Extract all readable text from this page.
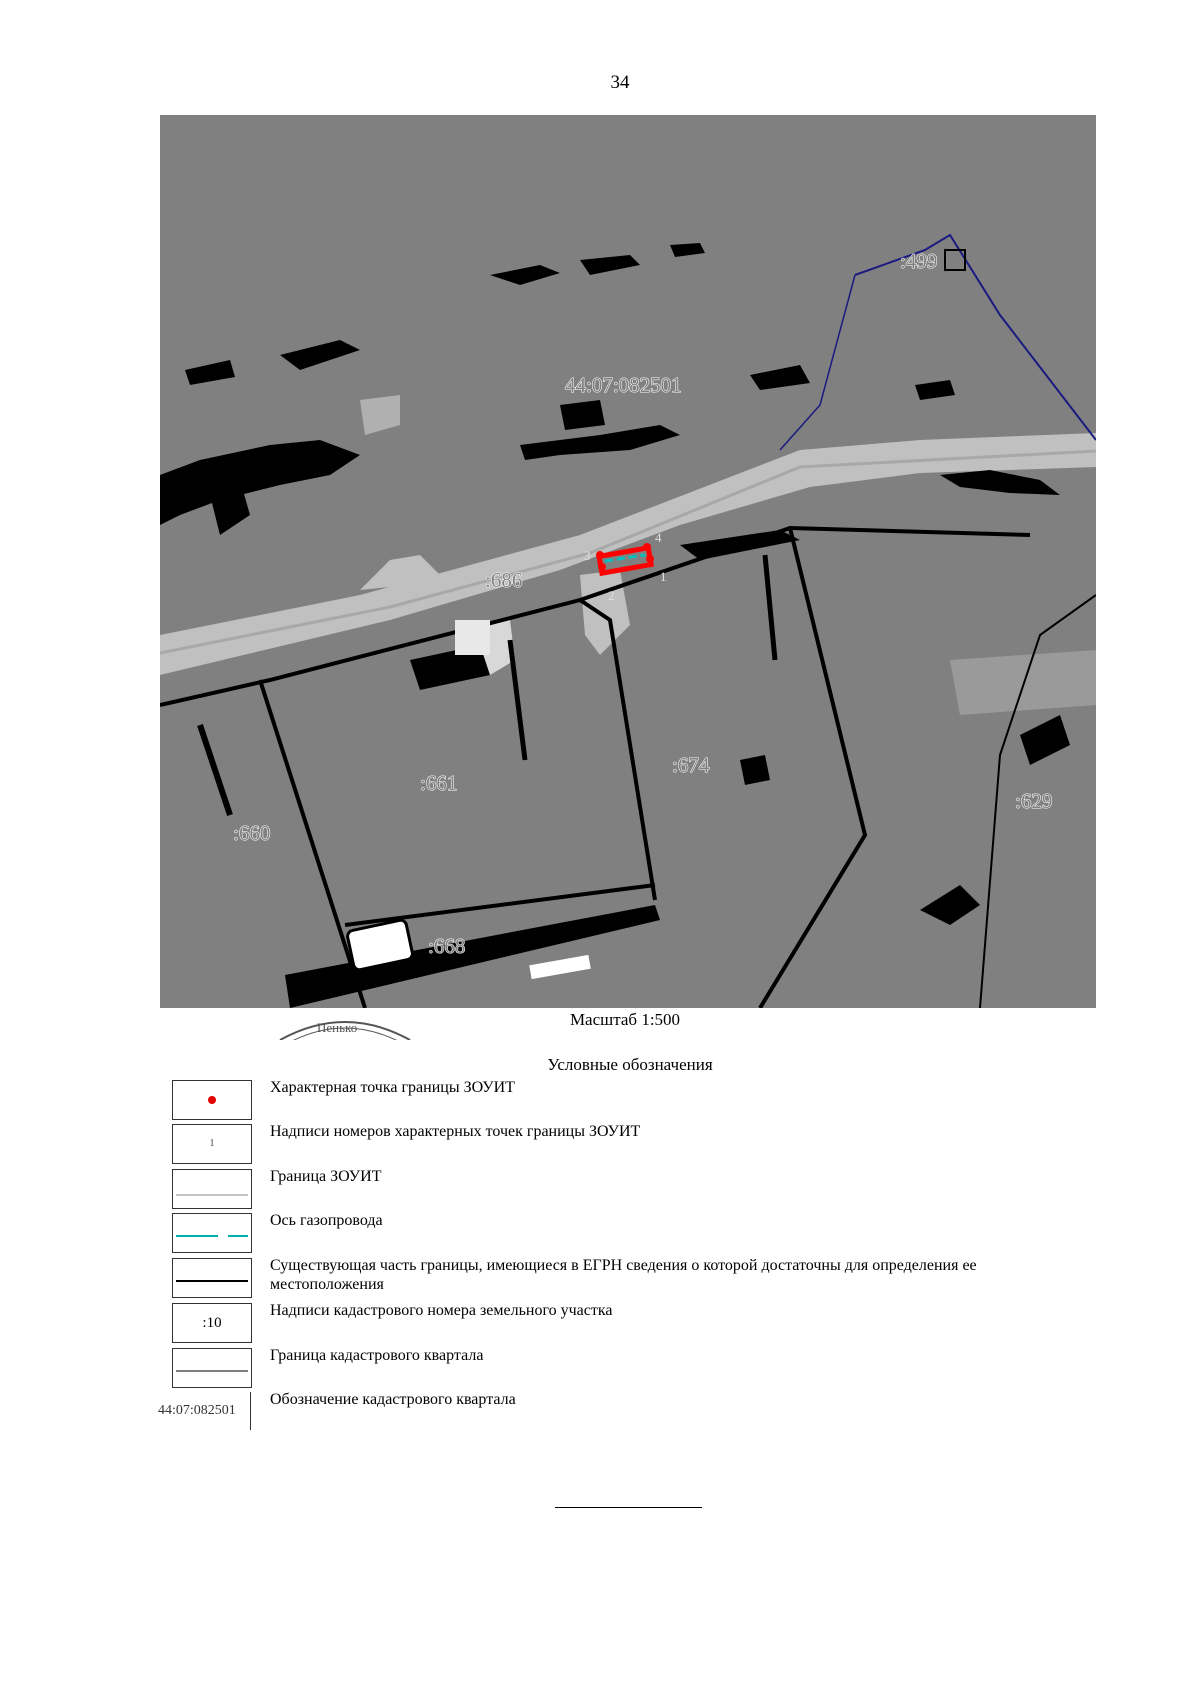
34
1
2
3
4
44:07:082501
:499
:686
:661
:674
:660
:629
:668
Пенько	Масштаб 1:500
Условные обозначения
Характерная точка границы ЗОУИТ
1
Надписи номеров характерных точек границы ЗОУИТ
Граница ЗОУИТ
Ось газопровода
Существующая часть границы, имеющиеся в ЕГРН сведения о которой достаточны для определения ее местоположения
:10
Надписи кадастрового номера земельного участка
Граница кадастрового квартала
44:07:082501
Обозначение кадастрового квартала
